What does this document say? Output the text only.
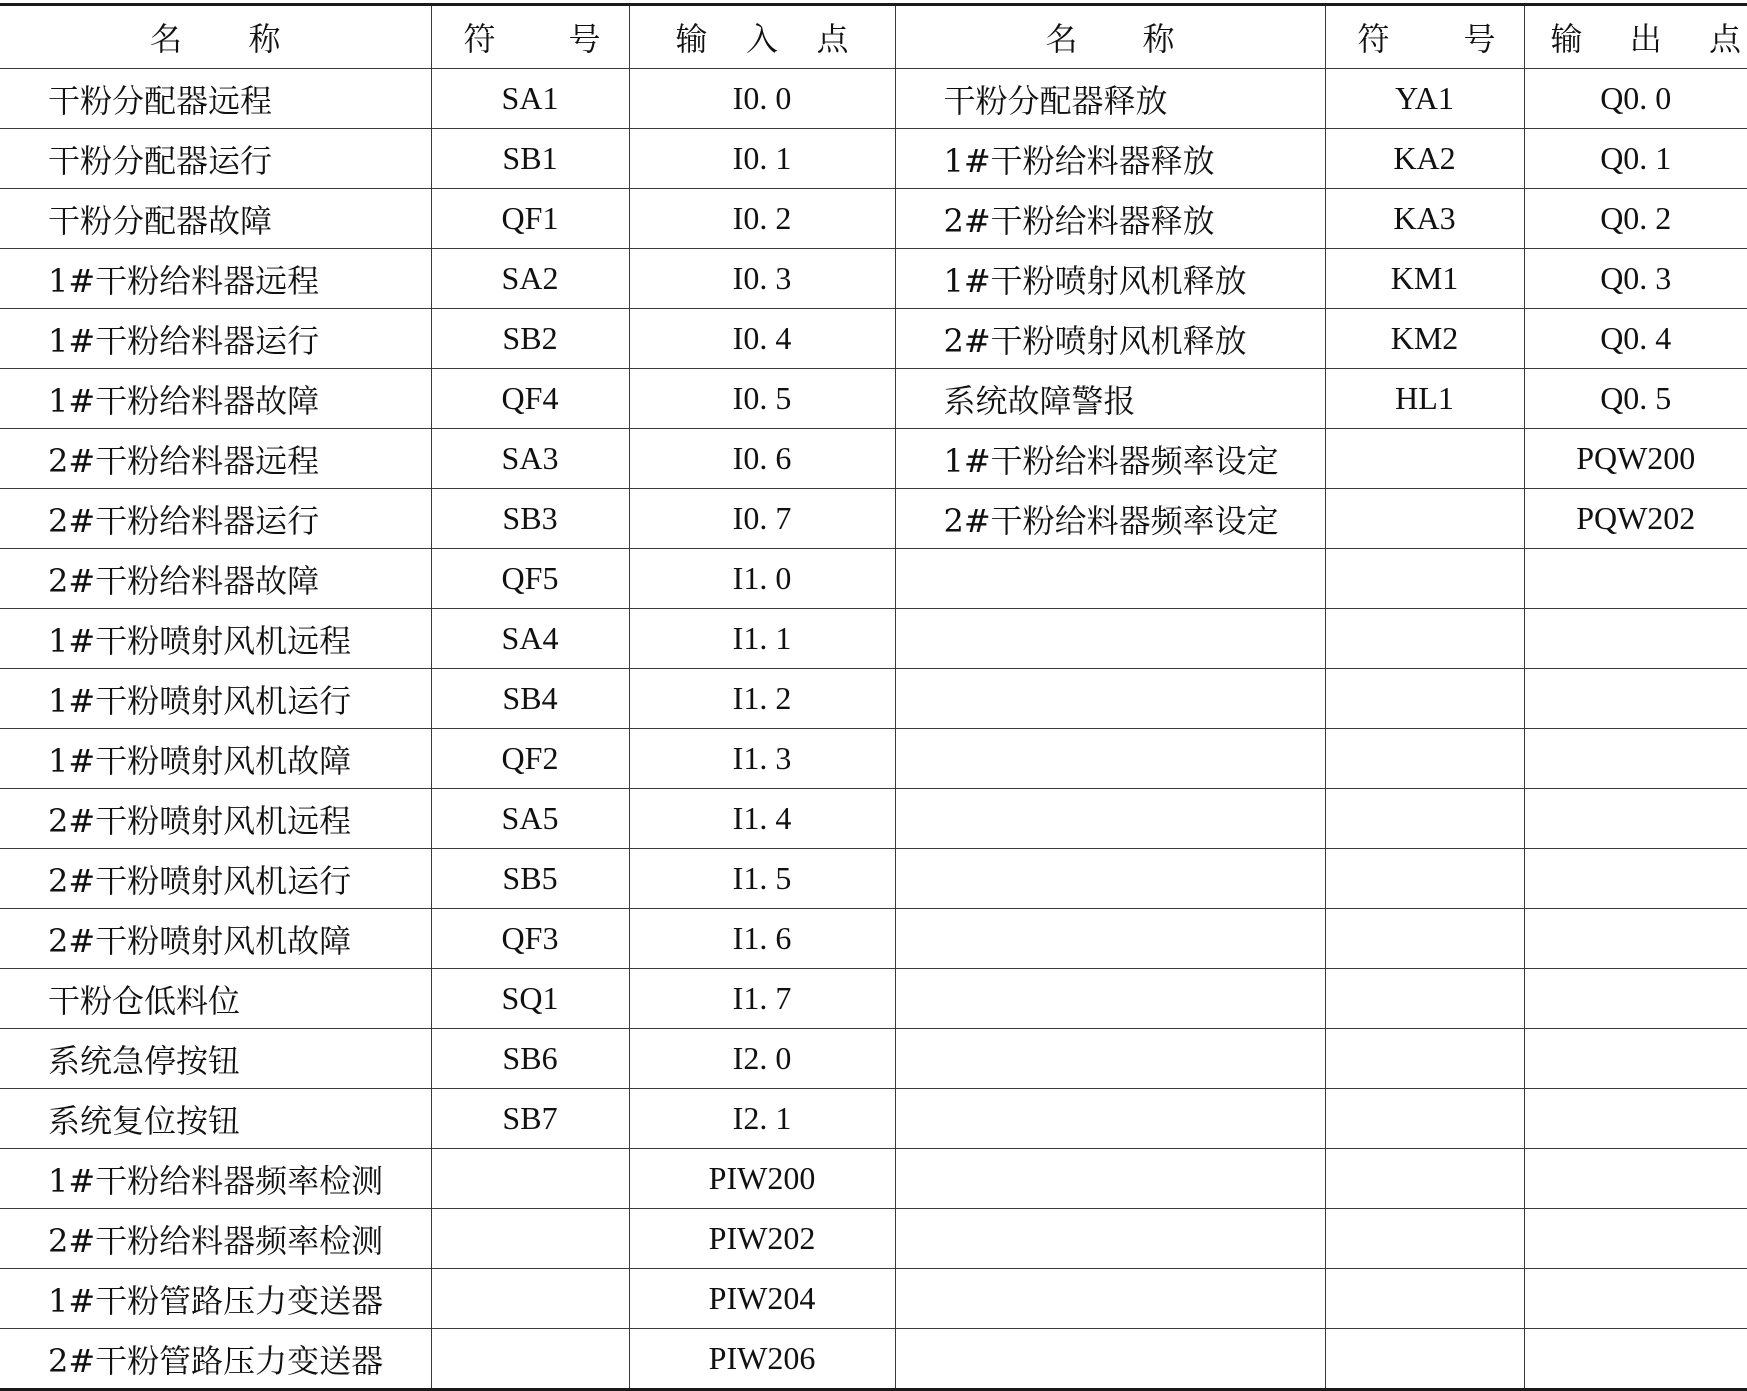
名 称	符 号	输 入 点	名 称	符 号	输 出 点

干粉分配器远程	SA1	I0. 0	干粉分配器释放	YA1	Q0. 0
干粉分配器运行	SB1	I0. 1	1#干粉给料器释放	KA2	Q0. 1
干粉分配器故障	QF1	I0. 2	2#干粉给料器释放	KA3	Q0. 2
1#干粉给料器远程	SA2	I0. 3	1#干粉喷射风机释放	KM1	Q0. 3
1#干粉给料器运行	SB2	I0. 4	2#干粉喷射风机释放	KM2	Q0. 4
1#干粉给料器故障	QF4	I0. 5	系统故障警报	HL1	Q0. 5
2#干粉给料器远程	SA3	I0. 6	1#干粉给料器频率设定		PQW200
2#干粉给料器运行	SB3	I0. 7	2#干粉给料器频率设定		PQW202
2#干粉给料器故障	QF5	I1. 0			
1#干粉喷射风机远程	SA4	I1. 1			
1#干粉喷射风机运行	SB4	I1. 2			
1#干粉喷射风机故障	QF2	I1. 3			
2#干粉喷射风机远程	SA5	I1. 4			
2#干粉喷射风机运行	SB5	I1. 5			
2#干粉喷射风机故障	QF3	I1. 6			
干粉仓低料位	SQ1	I1. 7			
系统急停按钮	SB6	I2. 0			
系统复位按钮	SB7	I2. 1			
1#干粉给料器频率检测		PIW200			
2#干粉给料器频率检测		PIW202			
1#干粉管路压力变送器		PIW204			
2#干粉管路压力变送器		PIW206			
